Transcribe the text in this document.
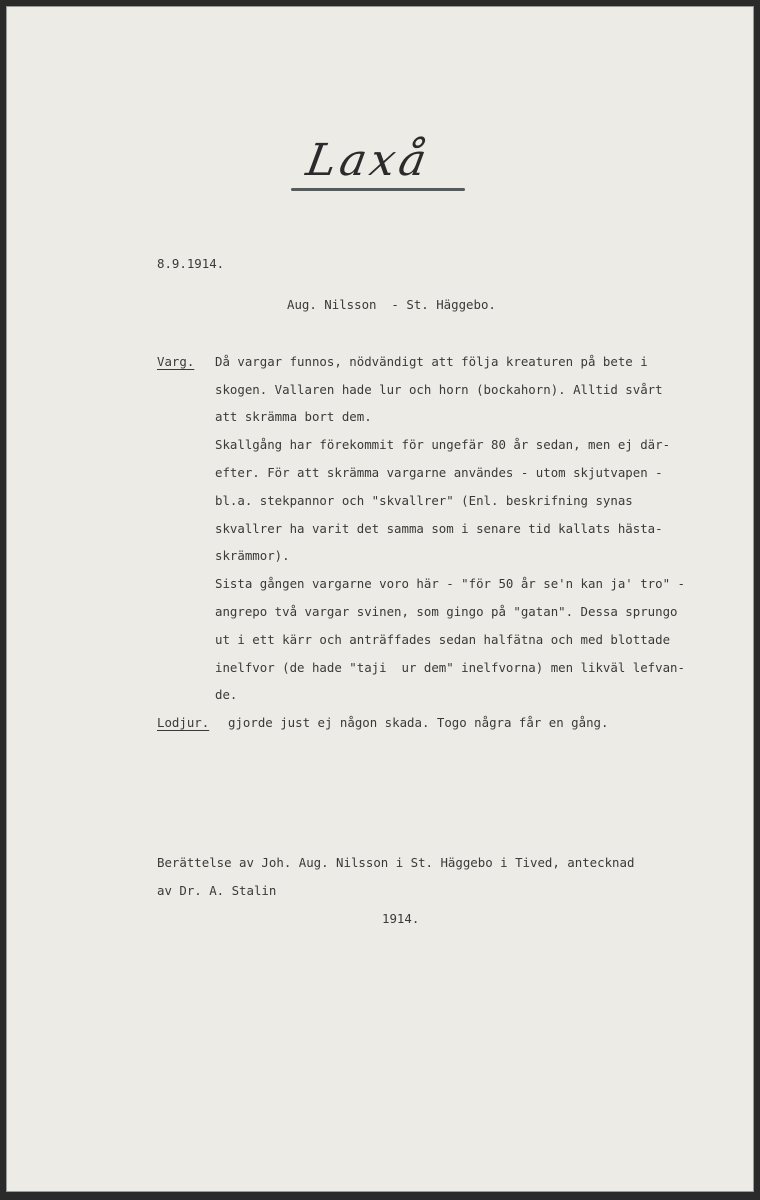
Laxå
8.9.1914.
Aug. Nilsson  - St. Häggebo.
Varg. Då vargar funnos, nödvändigt att följa kreaturen på bete i
skogen. Vallaren hade lur och horn (bockahorn). Alltid svårt
att skrämma bort dem.
Skallgång har förekommit för ungefär 80 år sedan, men ej där-
efter. För att skrämma vargarne användes - utom skjutvapen -
bl.a. stekpannor och "skvallrer" (Enl. beskrifning synas
skvallrer ha varit det samma som i senare tid kallats hästa-
skrämmor).
Sista gången vargarne voro här - "för 50 år se'n kan ja' tro" -
angrepo två vargar svinen, som gingo på "gatan". Dessa sprungo
ut i ett kärr och anträffades sedan halfätna och med blottade
inelfvor (de hade "taji  ur dem" inelfvorna) men likväl lefvan-
de.
Lodjur. gjorde just ej någon skada. Togo några får en gång.
Berättelse av Joh. Aug. Nilsson i St. Häggebo i Tived, antecknad
av Dr. A. Stalin
1914.
